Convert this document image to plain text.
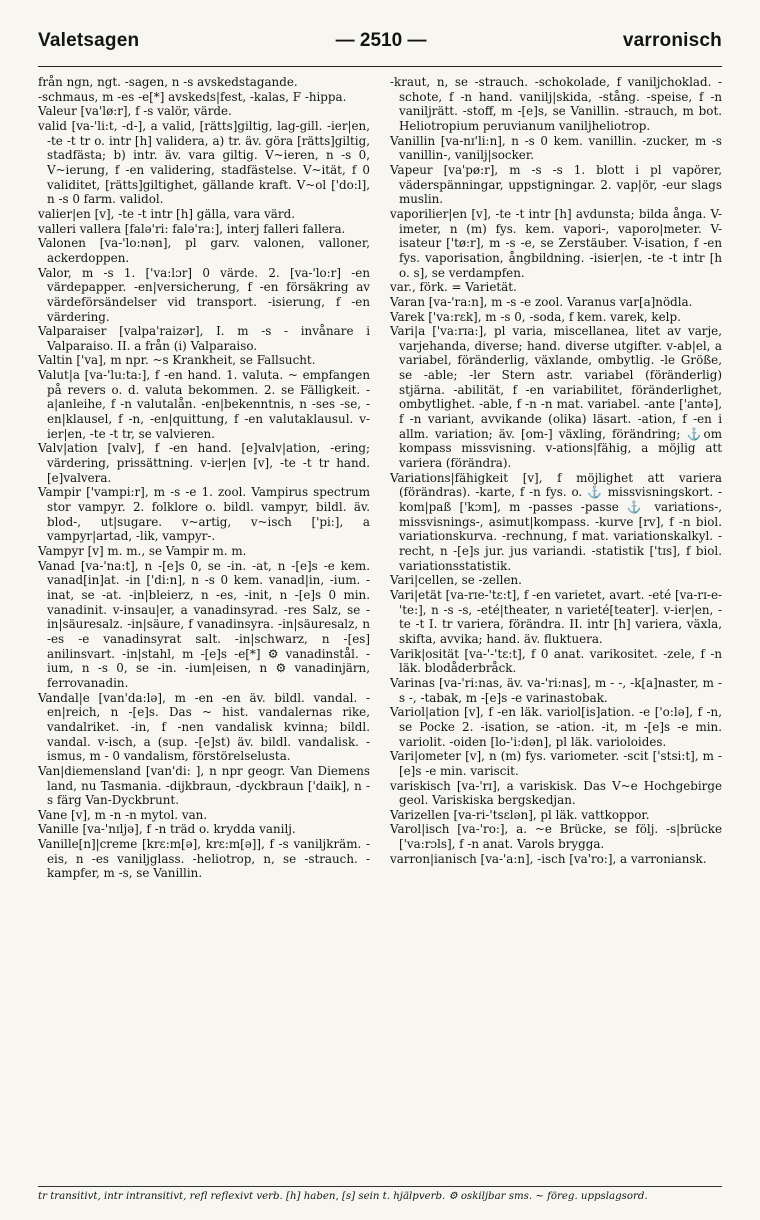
Valetsagen	— 2510 —	varronisch

från ngn, ngt. -sagen, n -s avskedstagande.

-schmaus, m -es -e[*] avskeds|fest, -kalas, F -hippa.

Valeur [va'lø:r], f -s valör, värde.

valid [va-'li:t, -d-], a valid, [rätts]giltig, lag-gill. -ier|en, -te -t tr o. intr [h] validera, a) tr. äv. göra [rätts]giltig, stadfästa; b) intr. äv. vara giltig. V~ieren, n -s 0, V~ierung, f -en validering, stadfästelse. V~ität, f 0 validitet, [rätts]giltighet, gällande kraft. V~ol ['do:l], n -s 0 farm. validol.

valier|en [v], -te -t intr [h] gälla, vara värd.

valleri vallera [falə'ri: falə'ra:], interj falleri fallera.

Valonen [va-'lo:nən], pl garv. valonen, valloner, ackerdoppen.

Valor, m -s 1. ['va:lɔr] 0 värde. 2. [va-'lo:r] -en värdepapper. -en|versicherung, f -en försäkring av värdeförsändelser vid transport. -isierung, f -en värdering.

Valparaiser [valpa'raizər], I. m -s - invånare i Valparaiso. II. a från (i) Valparaiso.

Valtin ['va], m npr. ~s Krankheit, se Fallsucht.

Valut|a [va-'lu:ta:], f -en hand. 1. valuta. ~ empfangen på revers o. d. valuta bekommen. 2. se Fälligkeit. -a|anleihe, f -n valutalån. -en|bekenntnis, n -ses -se, -en|klausel, f -n, -en|quittung, f -en valutaklausul. v-ier|en, -te -t tr, se valvieren.

Valv|ation [valv], f -en hand. [e]valv|ation, -ering; värdering, prissättning. v-ier|en [v], -te -t tr hand. [e]valvera.

Vampir ['vampi:r], m -s -e 1. zool. Vampirus spectrum stor vampyr. 2. folklore o. bildl. vampyr, bildl. äv. blod-, ut|sugare. v~artig, v~isch ['pi:], a vampyr|artad, -lik, vampyr-.

Vampyr [v] m. m., se Vampir m. m.

Vanad [va-'na:t], n -[e]s 0, se -in. -at, n -[e]s -e kem. vanad[in]at. -in ['di:n], n -s 0 kem. vanad|in, -ium. -inat, se -at. -in|bleierz, n -es, -init, n -[e]s 0 min. vanadinit. v-insau|er, a vanadinsyrad. -res Salz, se -in|säuresalz. -in|säure, f vanadinsyra. -in|säuresalz, n -es -e vanadinsyrat salt. -in|schwarz, n -[es] anilinsvart. -in|stahl, m -[e]s -e[*] ⚙ vanadinstål. -ium, n -s 0, se -in. -ium|eisen, n ⚙ vanadinjärn, ferrovanadin.

Vandal|e [van'da:lə], m -en -en äv. bildl. vandal. -en|reich, n -[e]s. Das ~ hist. vandalernas rike, vandalriket. -in, f -nen vandalisk kvinna; bildl. vandal. v-isch, a (sup. -[e]st) äv. bildl. vandalisk. -ismus, m - 0 vandalism, förstörelselusta.

Van|diemensland [van'di: ], n npr geogr. Van Diemens land, nu Tasmania. -dijkbraun, -dyckbraun ['daik], n -s färg Van-Dyckbrunt.

Vane [v], m -n -n mytol. van.

Vanille [va-'nɪljə], f -n träd o. krydda vanilj.

Vanille[n]|creme [krɛ:m[ə], krɛ:m[ə]], f -s vaniljkräm. -eis, n -es vaniljglass. -heliotrop, n, se -strauch. -kampfer, m -s, se Vanillin.

-kraut, n, se -strauch. -schokolade, f vaniljchoklad. -schote, f -n hand. vanilj|skida, -stång. -speise, f -n vaniljrätt. -stoff, m -[e]s, se Vanillin. -strauch, m bot. Heliotropium peruvianum vaniljheliotrop.

Vanillin [va-nɪ'li:n], n -s 0 kem. vanillin. -zucker, m -s vanillin-, vanilj|socker.

Vapeur [va'pø:r], m -s -s 1. blott i pl vapörer, väderspänningar, uppstigningar. 2. vap|ör, -eur slags muslin.

vaporilier|en [v], -te -t intr [h] avdunsta; bilda ånga. V-imeter, n (m) fys. kem. vapori-, vaporo|meter. V-isateur ['tø:r], m -s -e, se Zerstäuber. V-isation, f -en fys. vaporisation, ångbildning. -isier|en, -te -t intr [h o. s], se verdampfen.

var., förk. = Varietät.

Varan [va-'ra:n], m -s -e zool. Varanus var[a]nödla.

Varek ['va:rɛk], m -s 0, -soda, f kem. varek, kelp.

Vari|a ['va:rɪa:], pl varia, miscellanea, litet av varje, varjehanda, diverse; hand. diverse utgifter. v-ab|el, a variabel, föränderlig, växlande, ombytlig. -le Größe, se -able; -ler Stern astr. variabel (föränderlig) stjärna. -abilität, f -en variabilitet, föränderlighet, ombytlighet. -able, f -n -n mat. variabel. -ante ['antə], f -n variant, avvikande (olika) läsart. -ation, f -en i allm. variation; äv. [om-] växling, förändring; ⚓om kompass missvisning. v-ations|fähig, a möjlig att variera (förändra).

Variations|fähigkeit [v], f möjlighet att variera (förändras). -karte, f -n fys. o. ⚓ missvisningskort. -kom|paß ['kɔm], m -passes -passe ⚓ variations-, missvisnings-, asimut|kompass. -kurve [rv], f -n biol. variationskurva. -rechnung, f mat. variationskalkyl. -recht, n -[e]s jur. jus variandi. -statistik ['tɪs], f biol. variationsstatistik.

Vari|cellen, se -zellen.

Vari|etät [va-rɪe-'tɛ:t], f -en varietet, avart. -eté [va-rɪ-e-'te:], n -s -s, -eté|theater, n varieté[teater]. v-ier|en, -te -t I. tr variera, förändra. II. intr [h] variera, växla, skifta, avvika; hand. äv. fluktuera.

Varik|osität [va-'-'tɛ:t], f 0 anat. varikositet. -zele, f -n läk. blodåderbråck.

Varinas [va-'ri:nas, äv. va-'ri:nas], m - -, -k[a]naster, m -s -, -tabak, m -[e]s -e varinastobak.

Variol|ation [v], f -en läk. variol[is]ation. -e ['o:lə], f -n, se Pocke 2. -isation, se -ation. -it, m -[e]s -e min. variolit. -oiden [lo-'i:dən], pl läk. varioloides.

Vari|ometer [v], n (m) fys. variometer. -scit ['stsi:t], m -[e]s -e min. variscit.

variskisch [va-'rɪ], a variskisk. Das V~e Hochgebirge geol. Variskiska bergskedjan.

Varizellen [va-ri-'tsɛlən], pl läk. vattkoppor.

Varol|isch [va-'ro:], a. ~e Brücke, se följ. -s|brücke ['va:rɔls], f -n anat. Varols brygga.

varron|ianisch [va-'a:n], -isch [va'ro:], a varroniansk.

tr transitivt, intr intransitivt, refl reflexivt verb. [h] haben, [s] sein t. hjälpverb. ⚙ oskiljbar sms. ~ föreg. uppslagsord.
